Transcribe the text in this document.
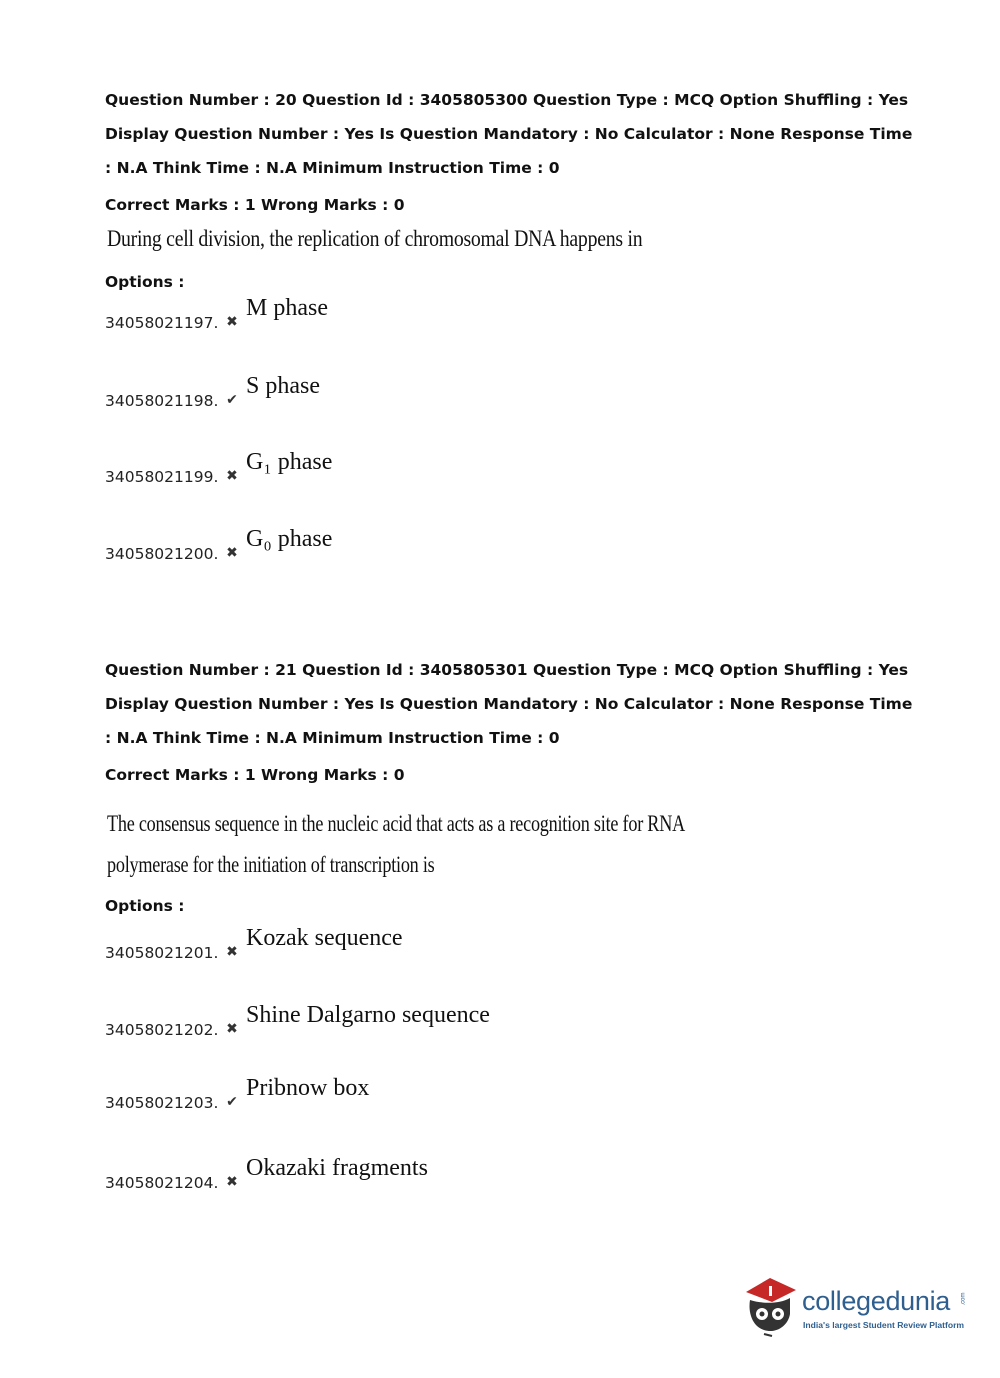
Question Number : 20 Question Id : 3405805300 Question Type : MCQ Option Shuffling : Yes
Display Question Number : Yes Is Question Mandatory : No Calculator : None Response Time
: N.A Think Time : N.A Minimum Instruction Time : 0
Correct Marks : 1 Wrong Marks : 0
During cell division, the replication of chromosomal DNA happens in
Options :
34058021197. ✖
M phase
34058021198. ✔
S phase
34058021199. ✖
G₁ phase
34058021200. ✖
G₀ phase
Question Number : 21 Question Id : 3405805301 Question Type : MCQ Option Shuffling : Yes
Display Question Number : Yes Is Question Mandatory : No Calculator : None Response Time
: N.A Think Time : N.A Minimum Instruction Time : 0
Correct Marks : 1 Wrong Marks : 0
The consensus sequence in the nucleic acid that acts as a recognition site for RNA
polymerase for the initiation of transcription is
Options :
34058021201. ✖
Kozak sequence
34058021202. ✖
Shine Dalgarno sequence
34058021203. ✔
Pribnow box
34058021204. ✖
Okazaki fragments
collegedunia .com
India's largest Student Review Platform
